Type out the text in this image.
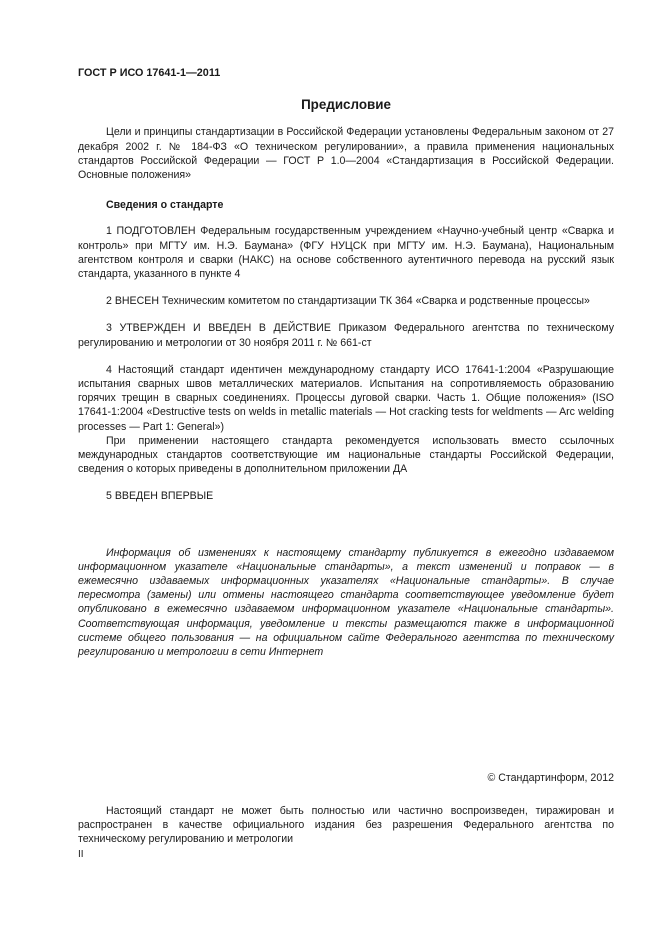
ГОСТ Р ИСО 17641-1—2011

Предисловие

Цели и принципы стандартизации в Российской Федерации установлены Федеральным законом от 27 декабря 2002 г. № 184-ФЗ «О техническом регулировании», а правила применения национальных стандартов Российской Федерации — ГОСТ Р 1.0—2004 «Стандартизация в Российской Федерации. Основные положения»

Сведения о стандарте

1 ПОДГОТОВЛЕН Федеральным государственным учреждением «Научно-учебный центр «Сварка и контроль» при МГТУ им. Н.Э. Баумана» (ФГУ НУЦСК при МГТУ им. Н.Э. Баумана), Национальным агентством контроля и сварки (НАКС) на основе собственного аутентичного перевода на русский язык стандарта, указанного в пункте 4

2 ВНЕСЕН Техническим комитетом по стандартизации ТК 364 «Сварка и родственные процессы»

3 УТВЕРЖДЕН И ВВЕДЕН В ДЕЙСТВИЕ Приказом Федерального агентства по техническому регулированию и метрологии от 30 ноября 2011 г. № 661-ст

4 Настоящий стандарт идентичен международному стандарту ИСО 17641-1:2004 «Разрушающие испытания сварных швов металлических материалов. Испытания на сопротивляемость образованию горячих трещин в сварных соединениях. Процессы дуговой сварки. Часть 1. Общие положения» (ISO 17641-1:2004 «Destructive tests on welds in metallic materials — Hot cracking tests for weldments — Arc welding processes — Part 1: General»)

При применении настоящего стандарта рекомендуется использовать вместо ссылочных международных стандартов соответствующие им национальные стандарты Российской Федерации, сведения о которых приведены в дополнительном приложении ДА

5 ВВЕДЕН ВПЕРВЫЕ

Информация об изменениях к настоящему стандарту публикуется в ежегодно издаваемом информационном указателе «Национальные стандарты», а текст изменений и поправок — в ежемесячно издаваемых информационных указателях «Национальные стандарты». В случае пересмотра (замены) или отмены настоящего стандарта соответствующее уведомление будет опубликовано в ежемесячно издаваемом информационном указателе «Национальные стандарты». Соответствующая информация, уведомление и тексты размещаются также в информационной системе общего пользования — на официальном сайте Федерального агентства по техническому регулированию и метрологии в сети Интернет

© Стандартинформ, 2012

Настоящий стандарт не может быть полностью или частично воспроизведен, тиражирован и распространен в качестве официального издания без разрешения Федерального агентства по техническому регулированию и метрологии

II
